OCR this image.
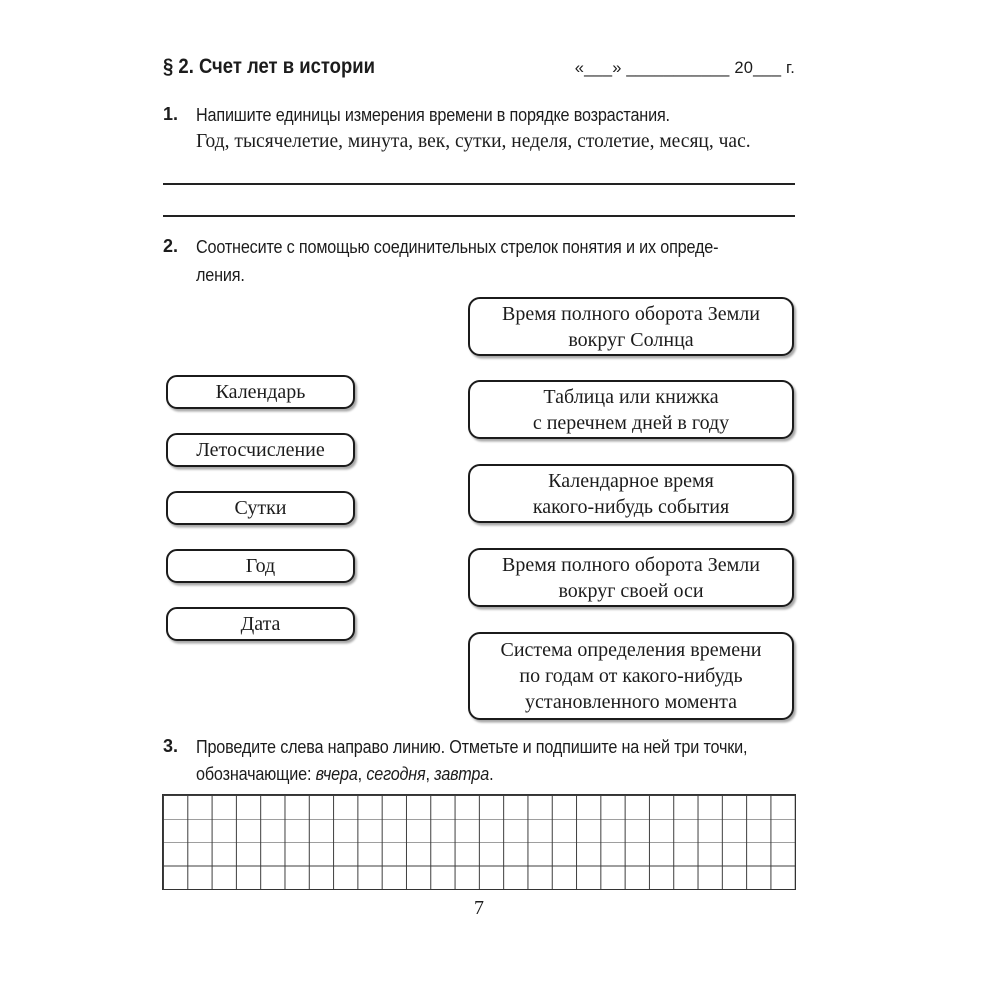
§ 2. Счет лет в истории	«___» ___________ 20___ г.
1. Напишите единицы измерения времени в порядке возрастания.
Год, тысячелетие, минута, век, сутки, неделя, столетие, месяц, час.
2. Соотнесите с помощью соединительных стрелок понятия и их опреде-
ления.
Календарь
Летосчисление
Сутки
Год
Дата
Время полного оборота Земли
вокруг Солнца
Таблица или книжка
с перечнем дней в году
Календарное время
какого-нибудь события
Время полного оборота Земли
вокруг своей оси
Система определения времени
по годам от какого-нибудь
установленного момента
3. Проведите слева направо линию. Отметьте и подпишите на ней три точки,
обозначающие: вчера, сегодня, завтра.
7
